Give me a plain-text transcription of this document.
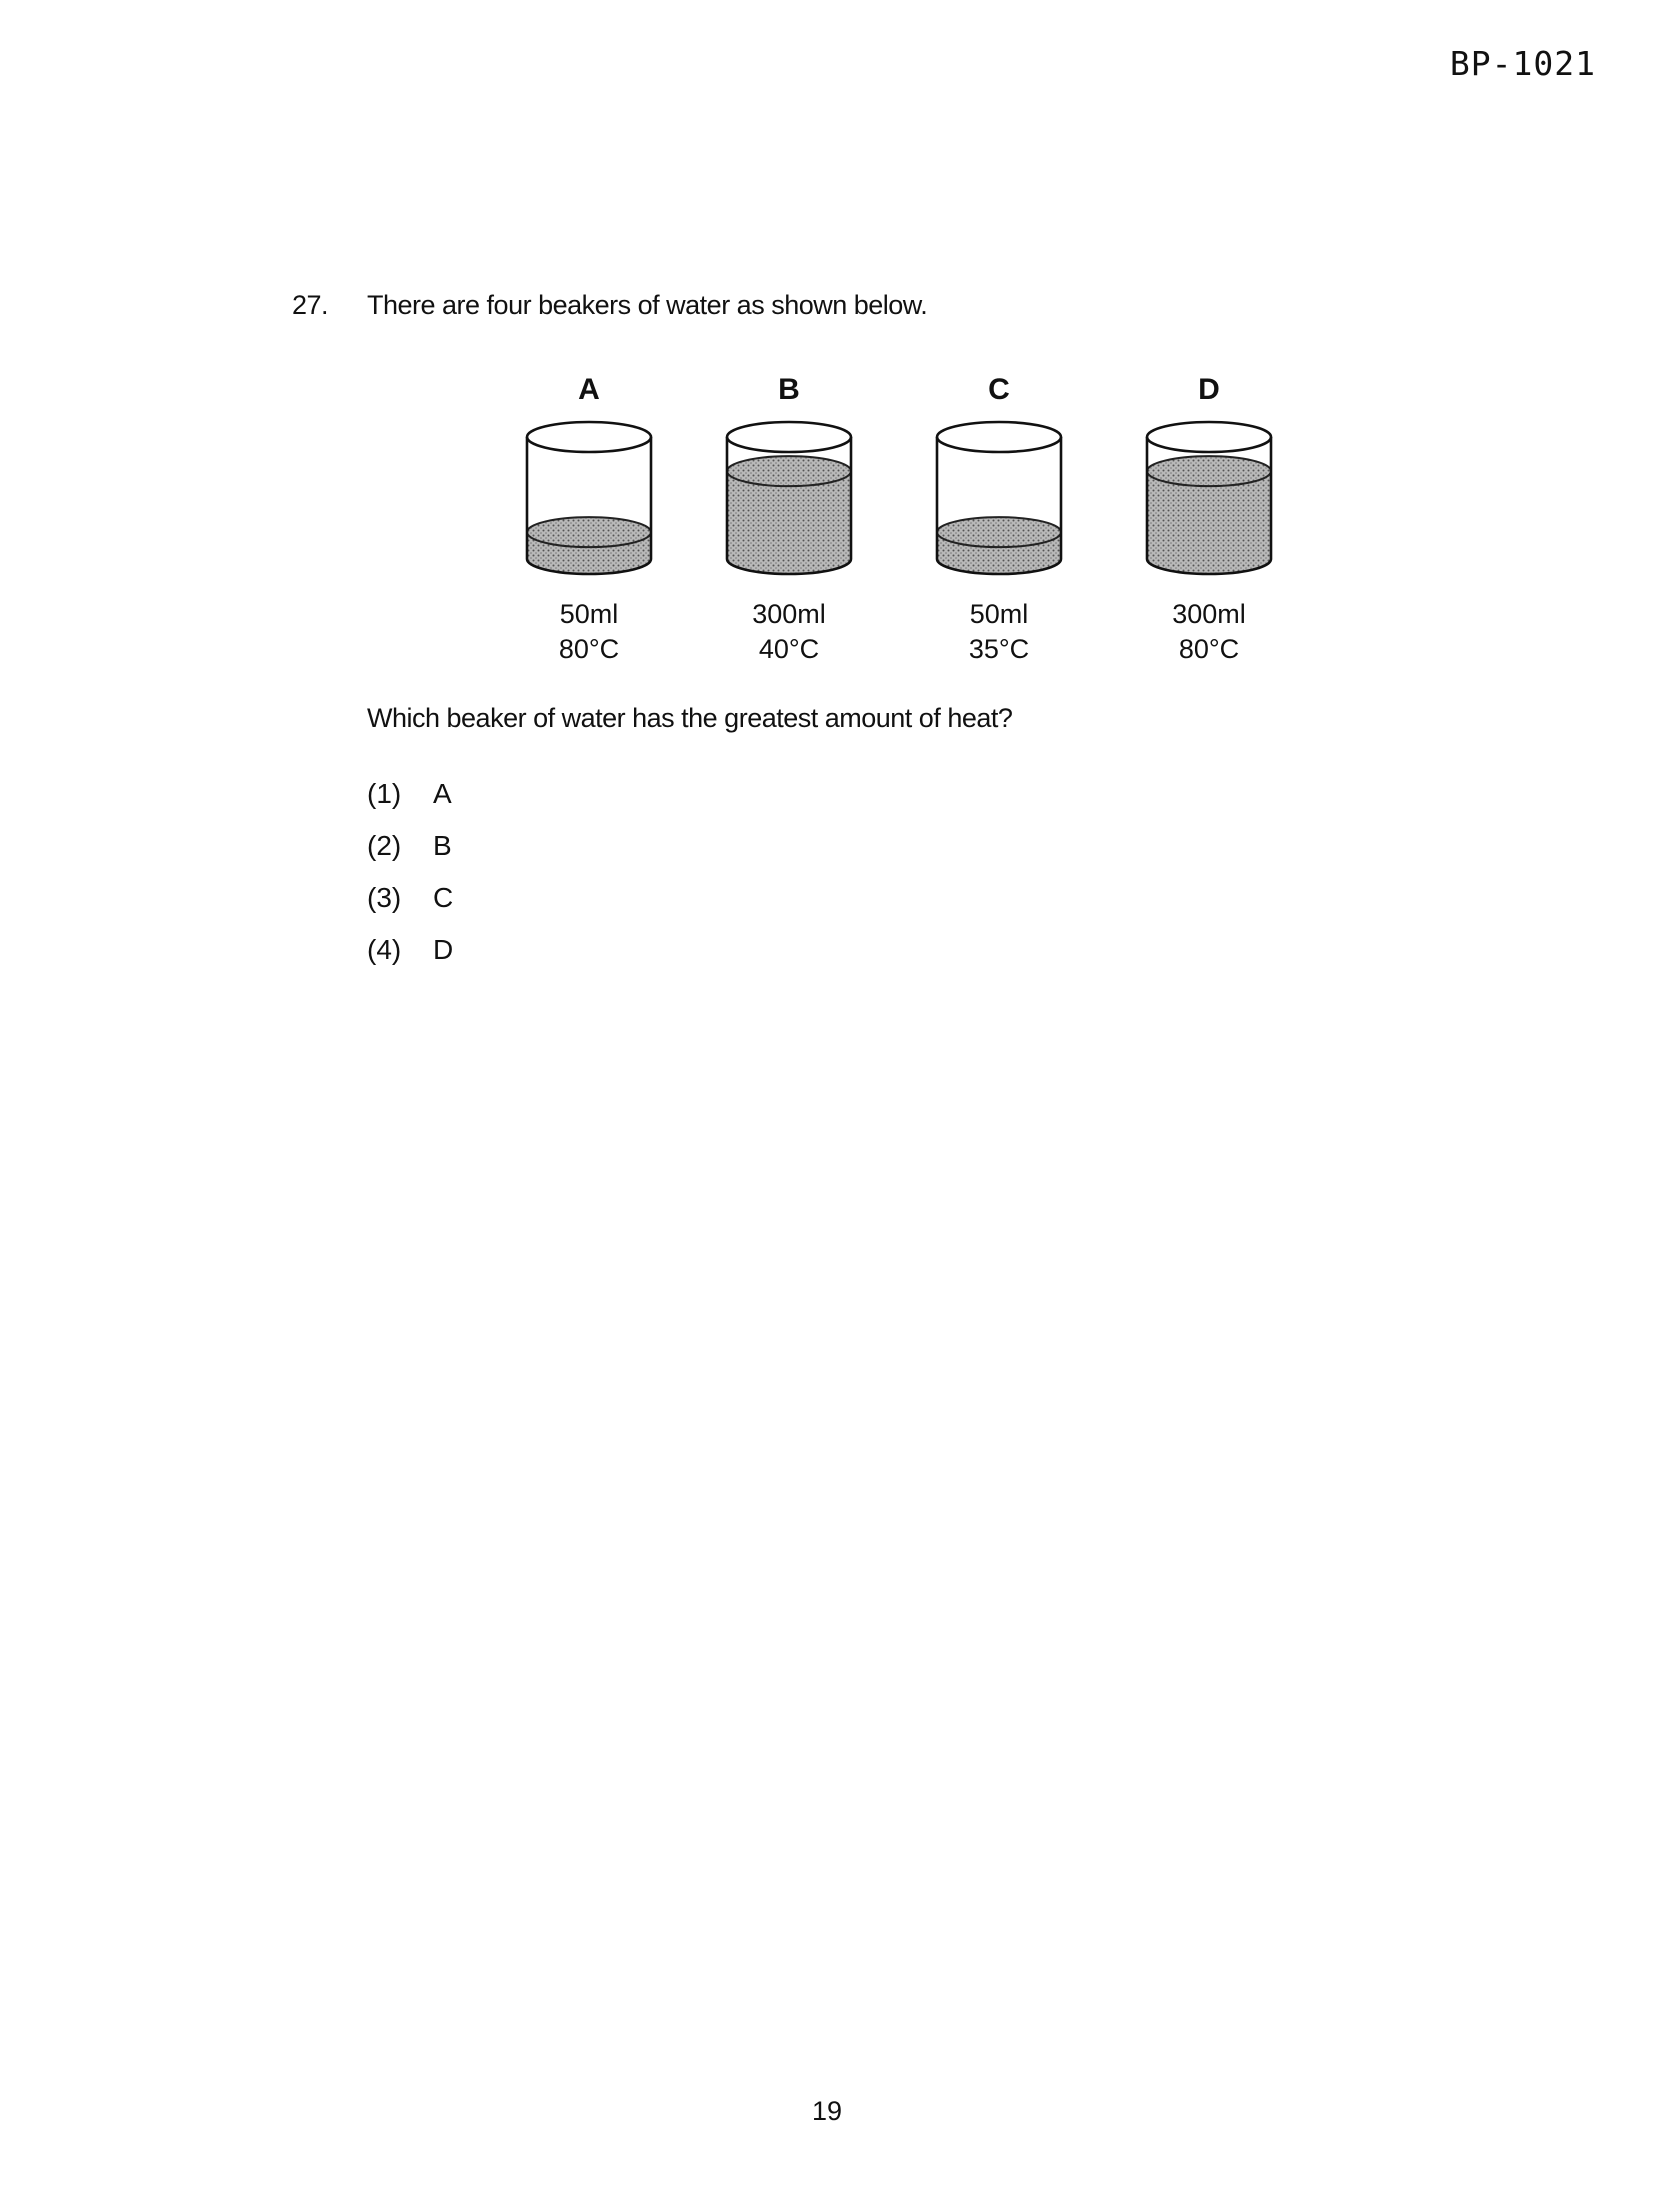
BP-1021
27.	There are four beakers of water as shown below.
A
50ml
80°C
B
300ml
40°C
C
50ml
35°C
D
300ml
80°C
Which beaker of water has the greatest amount of heat?
(1)	A
(2)	B
(3)	C
(4)	D
19
